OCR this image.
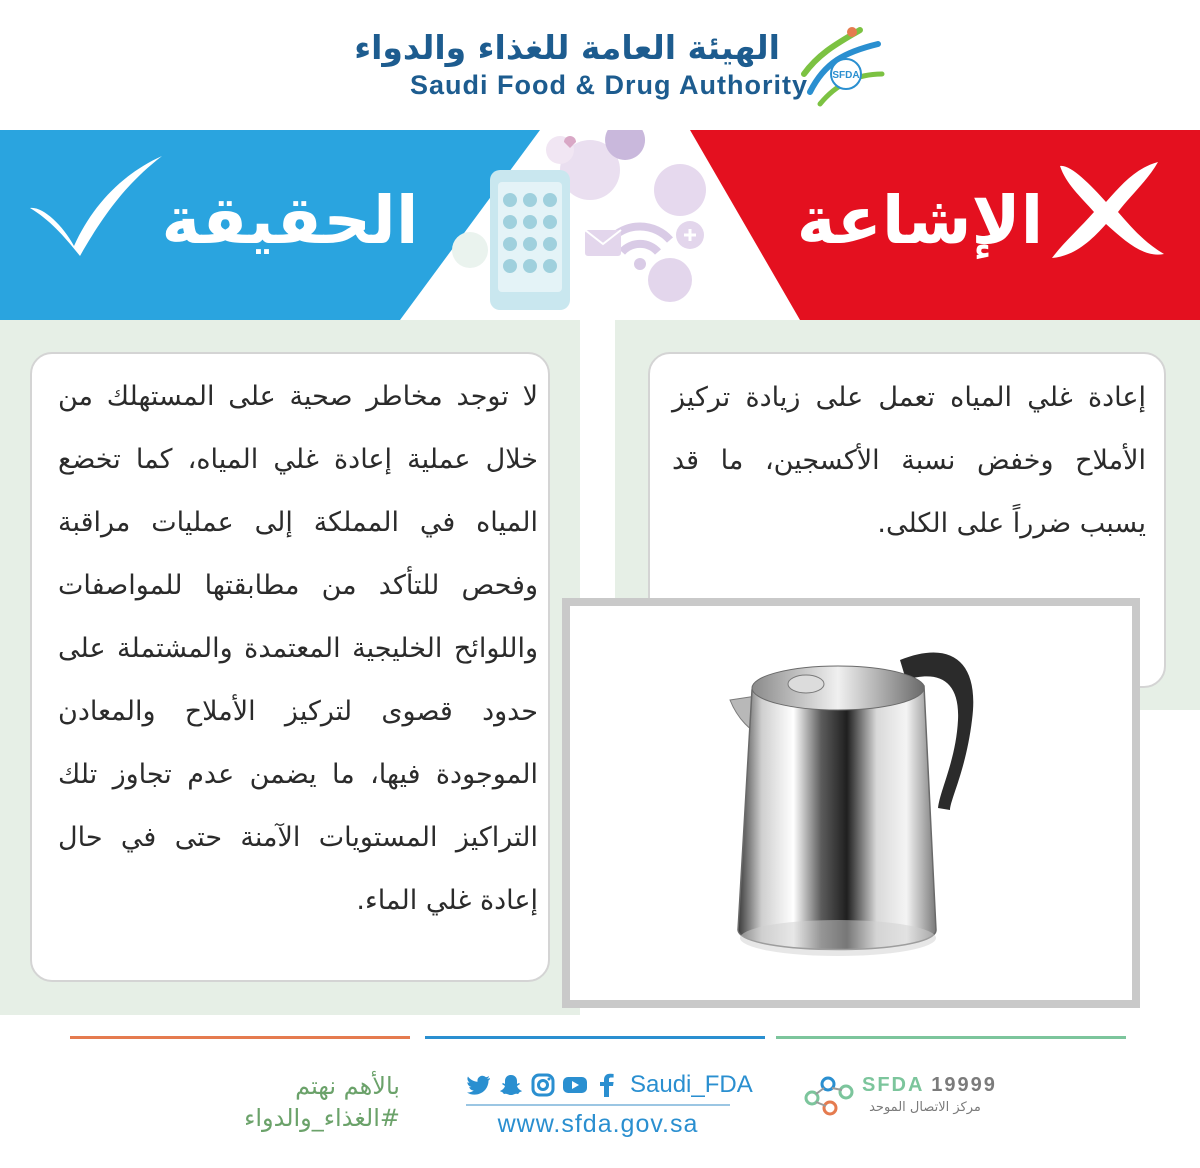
الهيئة العامة للغذاء والدواء
Saudi Food & Drug Authority SFDA
الحقيقة	الإشاعة
إعادة غلي المياه تعمل على زيادة تركيز الأملاح وخفض نسبة الأكسجين، ما قد يسبب ضرراً على الكلى.
لا توجد مخاطر صحية على المستهلك من خلال عملية إعادة غلي المياه، كما تخضع المياه في المملكة إلى عمليات مراقبة وفحص للتأكد من مطابقتها للمواصفات واللوائح الخليجية المعتمدة والمشتملة على حدود قصوى لتركيز الأملاح والمعادن الموجودة فيها، ما يضمن عدم تجاوز تلك التراكيز المستويات الآمنة حتى في حال إعادة غلي الماء.
بالأهم نهتم
#الغذاء_والدواء
Saudi_FDA
www.sfda.gov.sa
SFDA 19999
مركز الاتصال الموحد
